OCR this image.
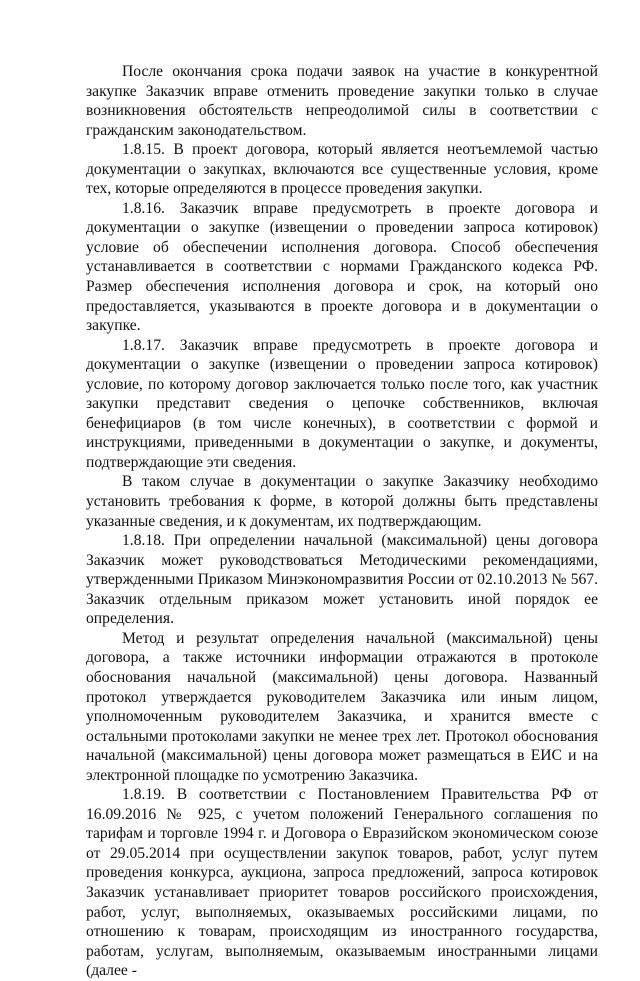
После окончания срока подачи заявок на участие в конкурентной закупке Заказчик вправе отменить проведение закупки только в случае возникновения обстоятельств непреодолимой силы в соответствии с гражданским законодательством.

1.8.15. В проект договора, который является неотъемлемой частью документации о закупках, включаются все существенные условия, кроме тех, которые определяются в процессе проведения закупки.

1.8.16. Заказчик вправе предусмотреть в проекте договора и документации о закупке (извещении о проведении запроса котировок) условие об обеспечении исполнения договора. Способ обеспечения устанавливается в соответствии с нормами Гражданского кодекса РФ. Размер обеспечения исполнения договора и срок, на который оно предоставляется, указываются в проекте договора и в документации о закупке.

1.8.17. Заказчик вправе предусмотреть в проекте договора и документации о закупке (извещении о проведении запроса котировок) условие, по которому договор заключается только после того, как участник закупки представит сведения о цепочке собственников, включая бенефициаров (в том числе конечных), в соответствии с формой и инструкциями, приведенными в документации о закупке, и документы, подтверждающие эти сведения.

В таком случае в документации о закупке Заказчику необходимо установить требования к форме, в которой должны быть представлены указанные сведения, и к документам, их подтверждающим.

1.8.18. При определении начальной (максимальной) цены договора Заказчик может руководствоваться Методическими рекомендациями, утвержденными Приказом Минэкономразвития России от 02.10.2013 № 567. Заказчик отдельным приказом может установить иной порядок ее определения.

Метод и результат определения начальной (максимальной) цены договора, а также источники информации отражаются в протоколе обоснования начальной (максимальной) цены договора. Названный протокол утверждается руководителем Заказчика или иным лицом, уполномоченным руководителем Заказчика, и хранится вместе с остальными протоколами закупки не менее трех лет. Протокол обоснования начальной (максимальной) цены договора может размещаться в ЕИС и на электронной площадке по усмотрению Заказчика.

1.8.19. В соответствии с Постановлением Правительства РФ от 16.09.2016 № 925, с учетом положений Генерального соглашения по тарифам и торговле 1994 г. и Договора о Евразийском экономическом союзе от 29.05.2014 при осуществлении закупок товаров, работ, услуг путем проведения конкурса, аукциона, запроса предложений, запроса котировок Заказчик устанавливает приоритет товаров российского происхождения, работ, услуг, выполняемых, оказываемых российскими лицами, по отношению к товарам, происходящим из иностранного государства, работам, услугам, выполняемым, оказываемым иностранными лицами (далее -
